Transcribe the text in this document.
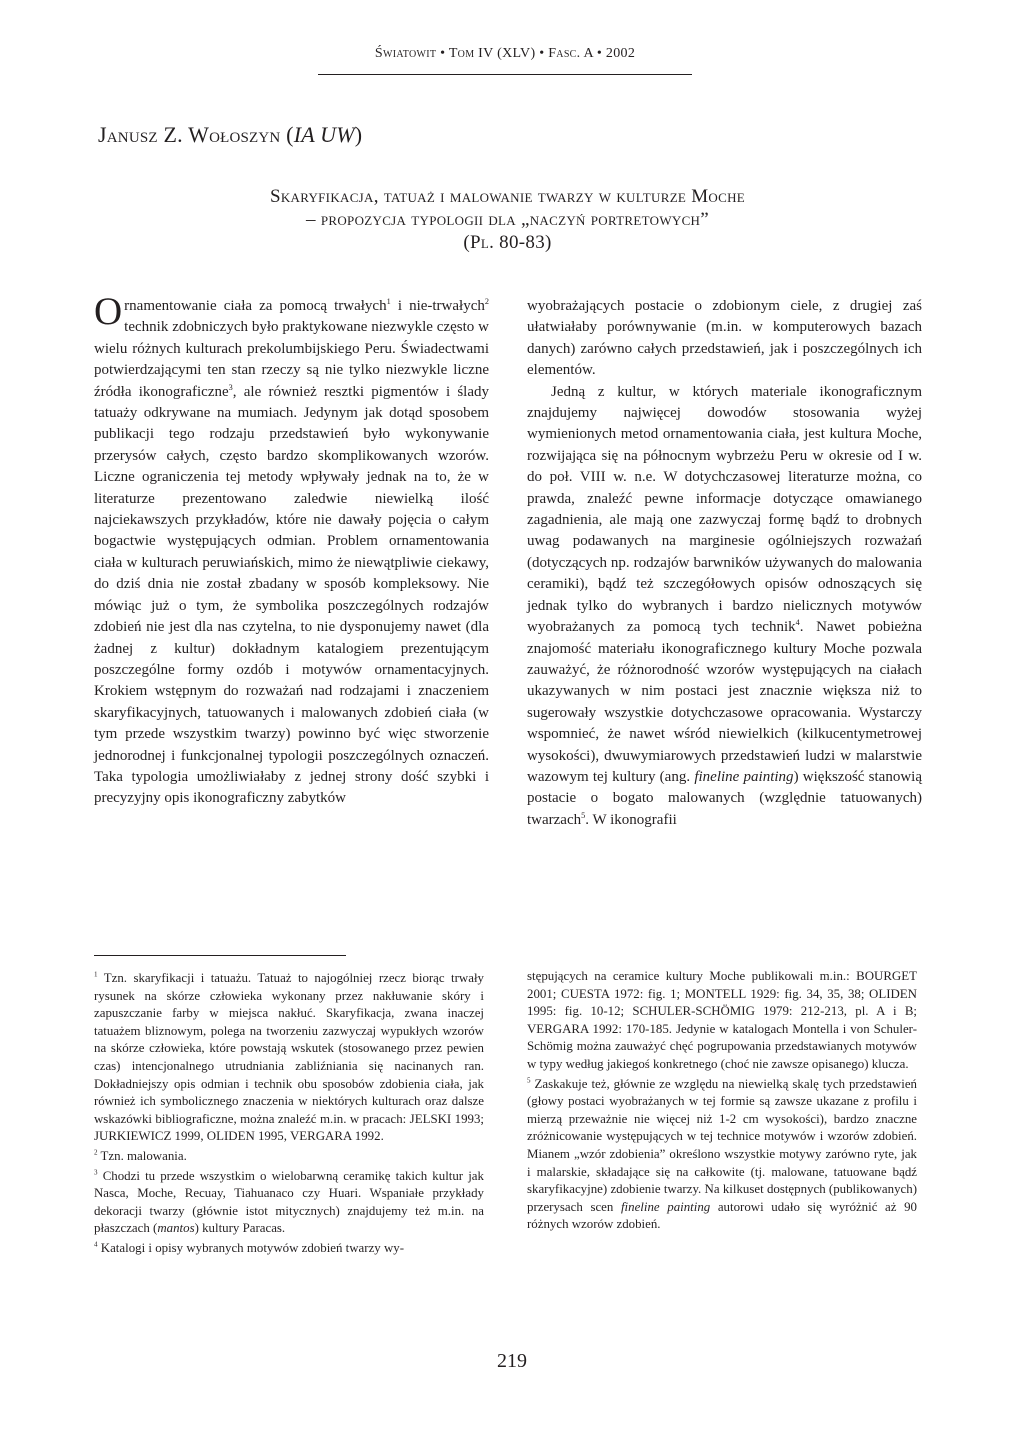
Światowit • Tom IV (XLV) • Fasc. A • 2002
Janusz Z. Wołoszyn (IA UW)
Skaryfikacja, tatuaż i malowanie twarzy w kulturze Moche
– propozycja typologii dla „naczyń portretowych”
(Pl. 80-83)

Ornamentowanie ciała za pomocą trwałych$^1$ i nie-trwałych$^2$ technik zdobniczych było praktykowane niezwykle często w wielu różnych kulturach prekolumbijskiego Peru. Świadectwami potwierdzającymi ten stan rzeczy są nie tylko niezwykle liczne źródła ikonograficzne$^3$, ale również resztki pigmentów i ślady tatuaży odkrywane na mumiach. Jedynym jak dotąd sposobem publikacji tego rodzaju przedstawień było wykonywanie przerysów całych, często bardzo skomplikowanych wzorów. Liczne ograniczenia tej metody wpływały jednak na to, że w literaturze prezentowano zaledwie niewielką ilość najciekawszych przykładów, które nie dawały pojęcia o całym bogactwie występujących odmian. Problem ornamentowania ciała w kulturach peruwiańskich, mimo że niewątpliwie ciekawy, do dziś dnia nie został zbadany w sposób kompleksowy. Nie mówiąc już o tym, że symbolika poszczególnych rodzajów zdobień nie jest dla nas czytelna, to nie dysponujemy nawet (dla żadnej z kultur) dokładnym katalogiem prezentującym poszczególne formy ozdób i motywów ornamentacyjnych. Krokiem wstępnym do rozważań nad rodzajami i znaczeniem skaryfikacyjnych, tatuowanych i malowanych zdobień ciała (w tym przede wszystkim twarzy) powinno być więc stworzenie jednorodnej i funkcjonalnej typologii poszczególnych oznaczeń. Taka typologia umożliwiałaby z jednej strony dość szybki i precyzyjny opis ikonograficzny zabytków

wyobrażających postacie o zdobionym ciele, z drugiej zaś ułatwiałaby porównywanie (m.in. w komputerowych bazach danych) zarówno całych przedstawień, jak i poszczególnych ich elementów.

Jedną z kultur, w których materiale ikonograficznym znajdujemy najwięcej dowodów stosowania wyżej wymienionych metod ornamentowania ciała, jest kultura Moche, rozwijająca się na północnym wybrzeżu Peru w okresie od I w. do poł. VIII w. n.e. W dotychczasowej literaturze można, co prawda, znaleźć pewne informacje dotyczące omawianego zagadnienia, ale mają one zazwyczaj formę bądź to drobnych uwag podawanych na marginesie ogólniejszych rozważań (dotyczących np. rodzajów barwników używanych do malowania ceramiki), bądź też szczegółowych opisów odnoszących się jednak tylko do wybranych i bardzo nielicznych motywów wyobrażanych za pomocą tych technik$^4$. Nawet pobieżna znajomość materiału ikonograficznego kultury Moche pozwala zauważyć, że różnorodność wzorów występujących na ciałach ukazywanych w nim postaci jest znacznie większa niż to sugerowały wszystkie dotychczasowe opracowania. Wystarczy wspomnieć, że nawet wśród niewielkich (kilkucentymetrowej wysokości), dwuwymiarowych przedstawień ludzi w malarstwie wazowym tej kultury (ang. fineline painting) większość stanowią postacie o bogato malowanych (względnie tatuowanych) twarzach$^5$. W ikonografii

$^1$ Tzn. skaryfikacji i tatuażu. Tatuaż to najogólniej rzecz biorąc trwały rysunek na skórze człowieka wykonany przez nakłuwanie skóry i zapuszczanie farby w miejsca nakłuć. Skaryfikacja, zwana inaczej tatuażem bliznowym, polega na tworzeniu zazwyczaj wypukłych wzorów na skórze człowieka, które powstają wskutek (stosowanego przez pewien czas) intencjonalnego utrudniania zabliźniania się nacinanych ran. Dokładniejszy opis odmian i technik obu sposobów zdobienia ciała, jak również ich symbolicznego znaczenia w niektórych kulturach oraz dalsze wskazówki bibliograficzne, można znaleźć m.in. w pracach: JELSKI 1993; JURKIEWICZ 1999, OLIDEN 1995, VERGARA 1992.

$^2$ Tzn. malowania.

$^3$ Chodzi tu przede wszystkim o wielobarwną ceramikę takich kultur jak Nasca, Moche, Recuay, Tiahuanaco czy Huari. Wspaniałe przykłady dekoracji twarzy (głównie istot mitycznych) znajdujemy też m.in. na płaszczach (mantos) kultury Paracas.

$^4$ Katalogi i opisy wybranych motywów zdobień twarzy wy-

stępujących na ceramice kultury Moche publikowali m.in.: BOURGET 2001; CUESTA 1972: fig. 1; MONTELL 1929: fig. 34, 35, 38; OLIDEN 1995: fig. 10-12; SCHULER-SCHÖMIG 1979: 212-213, pl. A i B; VERGARA 1992: 170-185. Jedynie w katalogach Montella i von Schuler-Schömig można zauważyć chęć pogrupowania przedstawianych motywów w typy według jakiegoś konkretnego (choć nie zawsze opisanego) klucza.

$^5$ Zaskakuje też, głównie ze względu na niewielką skalę tych przedstawień (głowy postaci wyobrażanych w tej formie są zawsze ukazane z profilu i mierzą przeważnie nie więcej niż 1-2 cm wysokości), bardzo znaczne zróżnicowanie występujących w tej technice motywów i wzorów zdobień. Mianem „wzór zdobienia” określono wszystkie motywy zarówno ryte, jak i malarskie, składające się na całkowite (tj. malowane, tatuowane bądź skaryfikacyjne) zdobienie twarzy. Na kilkuset dostępnych (publikowanych) przerysach scen fineline painting autorowi udało się wyróżnić aż 90 różnych wzorów zdobień.

219
